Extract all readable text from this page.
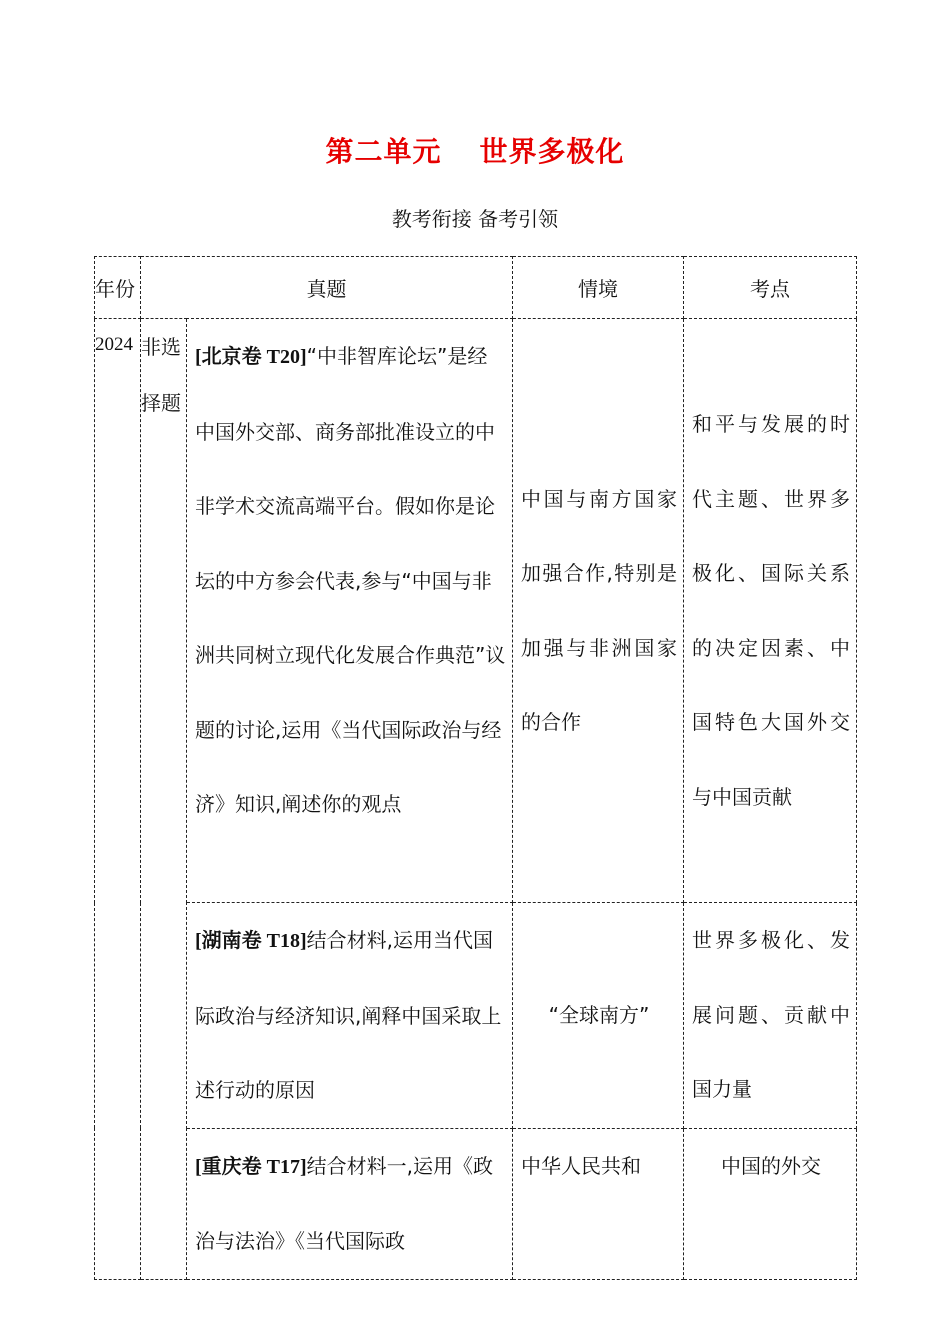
第二单元 世界多极化
教考衔接 备考引领
年份	真题		情境	考点
2024	非选择题	[北京卷 T20]“中非智库论坛”是经中国外交部、商务部批准设立的中非学术交流高端平台。假如你是论坛的中方参会代表,参与“中国与非洲共同树立现代化发展合作典范”议题的讨论,运用《当代国际政治与经济》知识,阐述你的观点	中国与南方国家加强合作,特别是加强与非洲国家的合作	和平与发展的时代主题、世界多极化、国际关系的决定因素、中国特色大国外交与中国贡献
		[湖南卷 T18]结合材料,运用当代国际政治与经济知识,阐释中国采取上述行动的原因	“全球南方”	世界多极化、发展问题、贡献中国力量
		[重庆卷 T17]结合材料一,运用《政治与法治》《当代国际政	中华人民共和	中国的外交
